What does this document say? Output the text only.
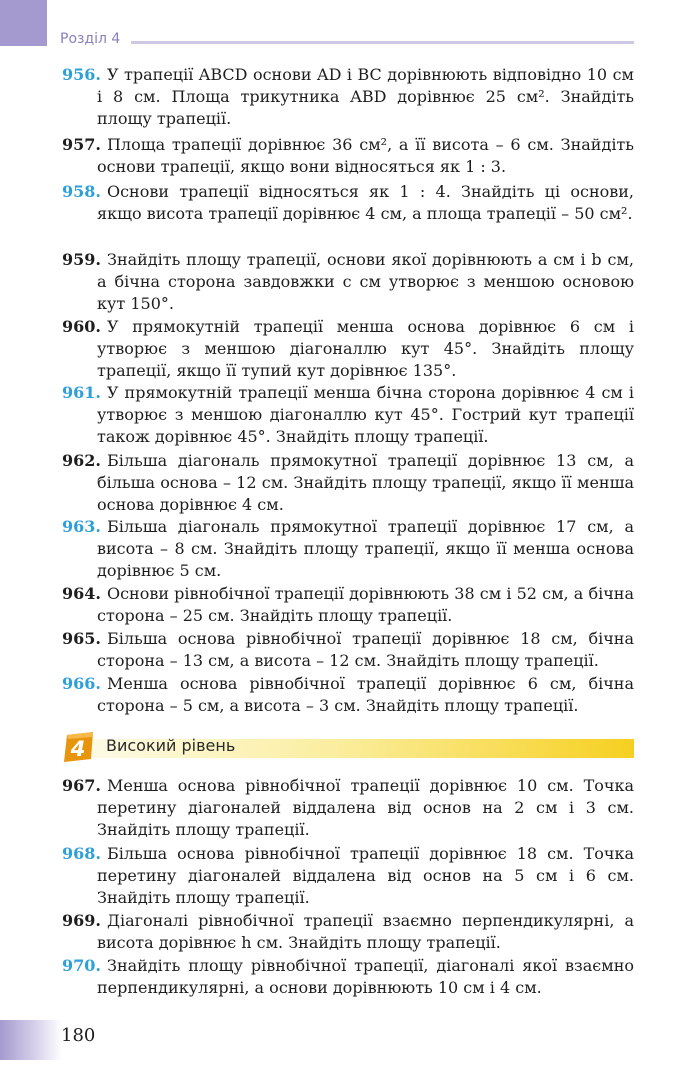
Розділ 4
956. У трапеції ABCD основи AD і BC дорівнюють відповідно 10 см і 8 см. Площа трикутника ABD дорівнює 25 см². Знайдіть площу трапеції.
957. Площа трапеції дорівнює 36 см², а її висота – 6 см. Знайдіть основи трапеції, якщо вони відносяться як 1 : 3.
958. Основи трапеції відносяться як 1 : 4. Знайдіть ці основи, якщо висота трапеції дорівнює 4 см, а площа трапеції – 50 см².
959. Знайдіть площу трапеції, основи якої дорівнюють a см і b см, а бічна сторона завдовжки c см утворює з меншою основою кут 150°.
960. У прямокутній трапеції менша основа дорівнює 6 см і утворює з меншою діагоналлю кут 45°. Знайдіть площу трапеції, якщо її тупий кут дорівнює 135°.
961. У прямокутній трапеції менша бічна сторона дорівнює 4 см і утворює з меншою діагоналлю кут 45°. Гострий кут трапеції також дорівнює 45°. Знайдіть площу трапеції.
962. Більша діагональ прямокутної трапеції дорівнює 13 см, а більша основа – 12 см. Знайдіть площу трапеції, якщо її менша основа дорівнює 4 см.
963. Більша діагональ прямокутної трапеції дорівнює 17 см, а висота – 8 см. Знайдіть площу трапеції, якщо її менша основа дорівнює 5 см.
964. Основи рівнобічної трапеції дорівнюють 38 см і 52 см, а бічна сторона – 25 см. Знайдіть площу трапеції.
965. Більша основа рівнобічної трапеції дорівнює 18 см, бічна сторона – 13 см, а висота – 12 см. Знайдіть площу трапеції.
966. Менша основа рівнобічної трапеції дорівнює 6 см, бічна сторона – 5 см, а висота – 3 см. Знайдіть площу трапеції.
4 Високий рівень
967. Менша основа рівнобічної трапеції дорівнює 10 см. Точка перетину діагоналей віддалена від основ на 2 см і 3 см. Знайдіть площу трапеції.
968. Більша основа рівнобічної трапеції дорівнює 18 см. Точка перетину діагоналей віддалена від основ на 5 см і 6 см. Знайдіть площу трапеції.
969. Діагоналі рівнобічної трапеції взаємно перпендикулярні, а висота дорівнює h см. Знайдіть площу трапеції.
970. Знайдіть площу рівнобічної трапеції, діагоналі якої взаємно перпендикулярні, а основи дорівнюють 10 см і 4 см.
180
